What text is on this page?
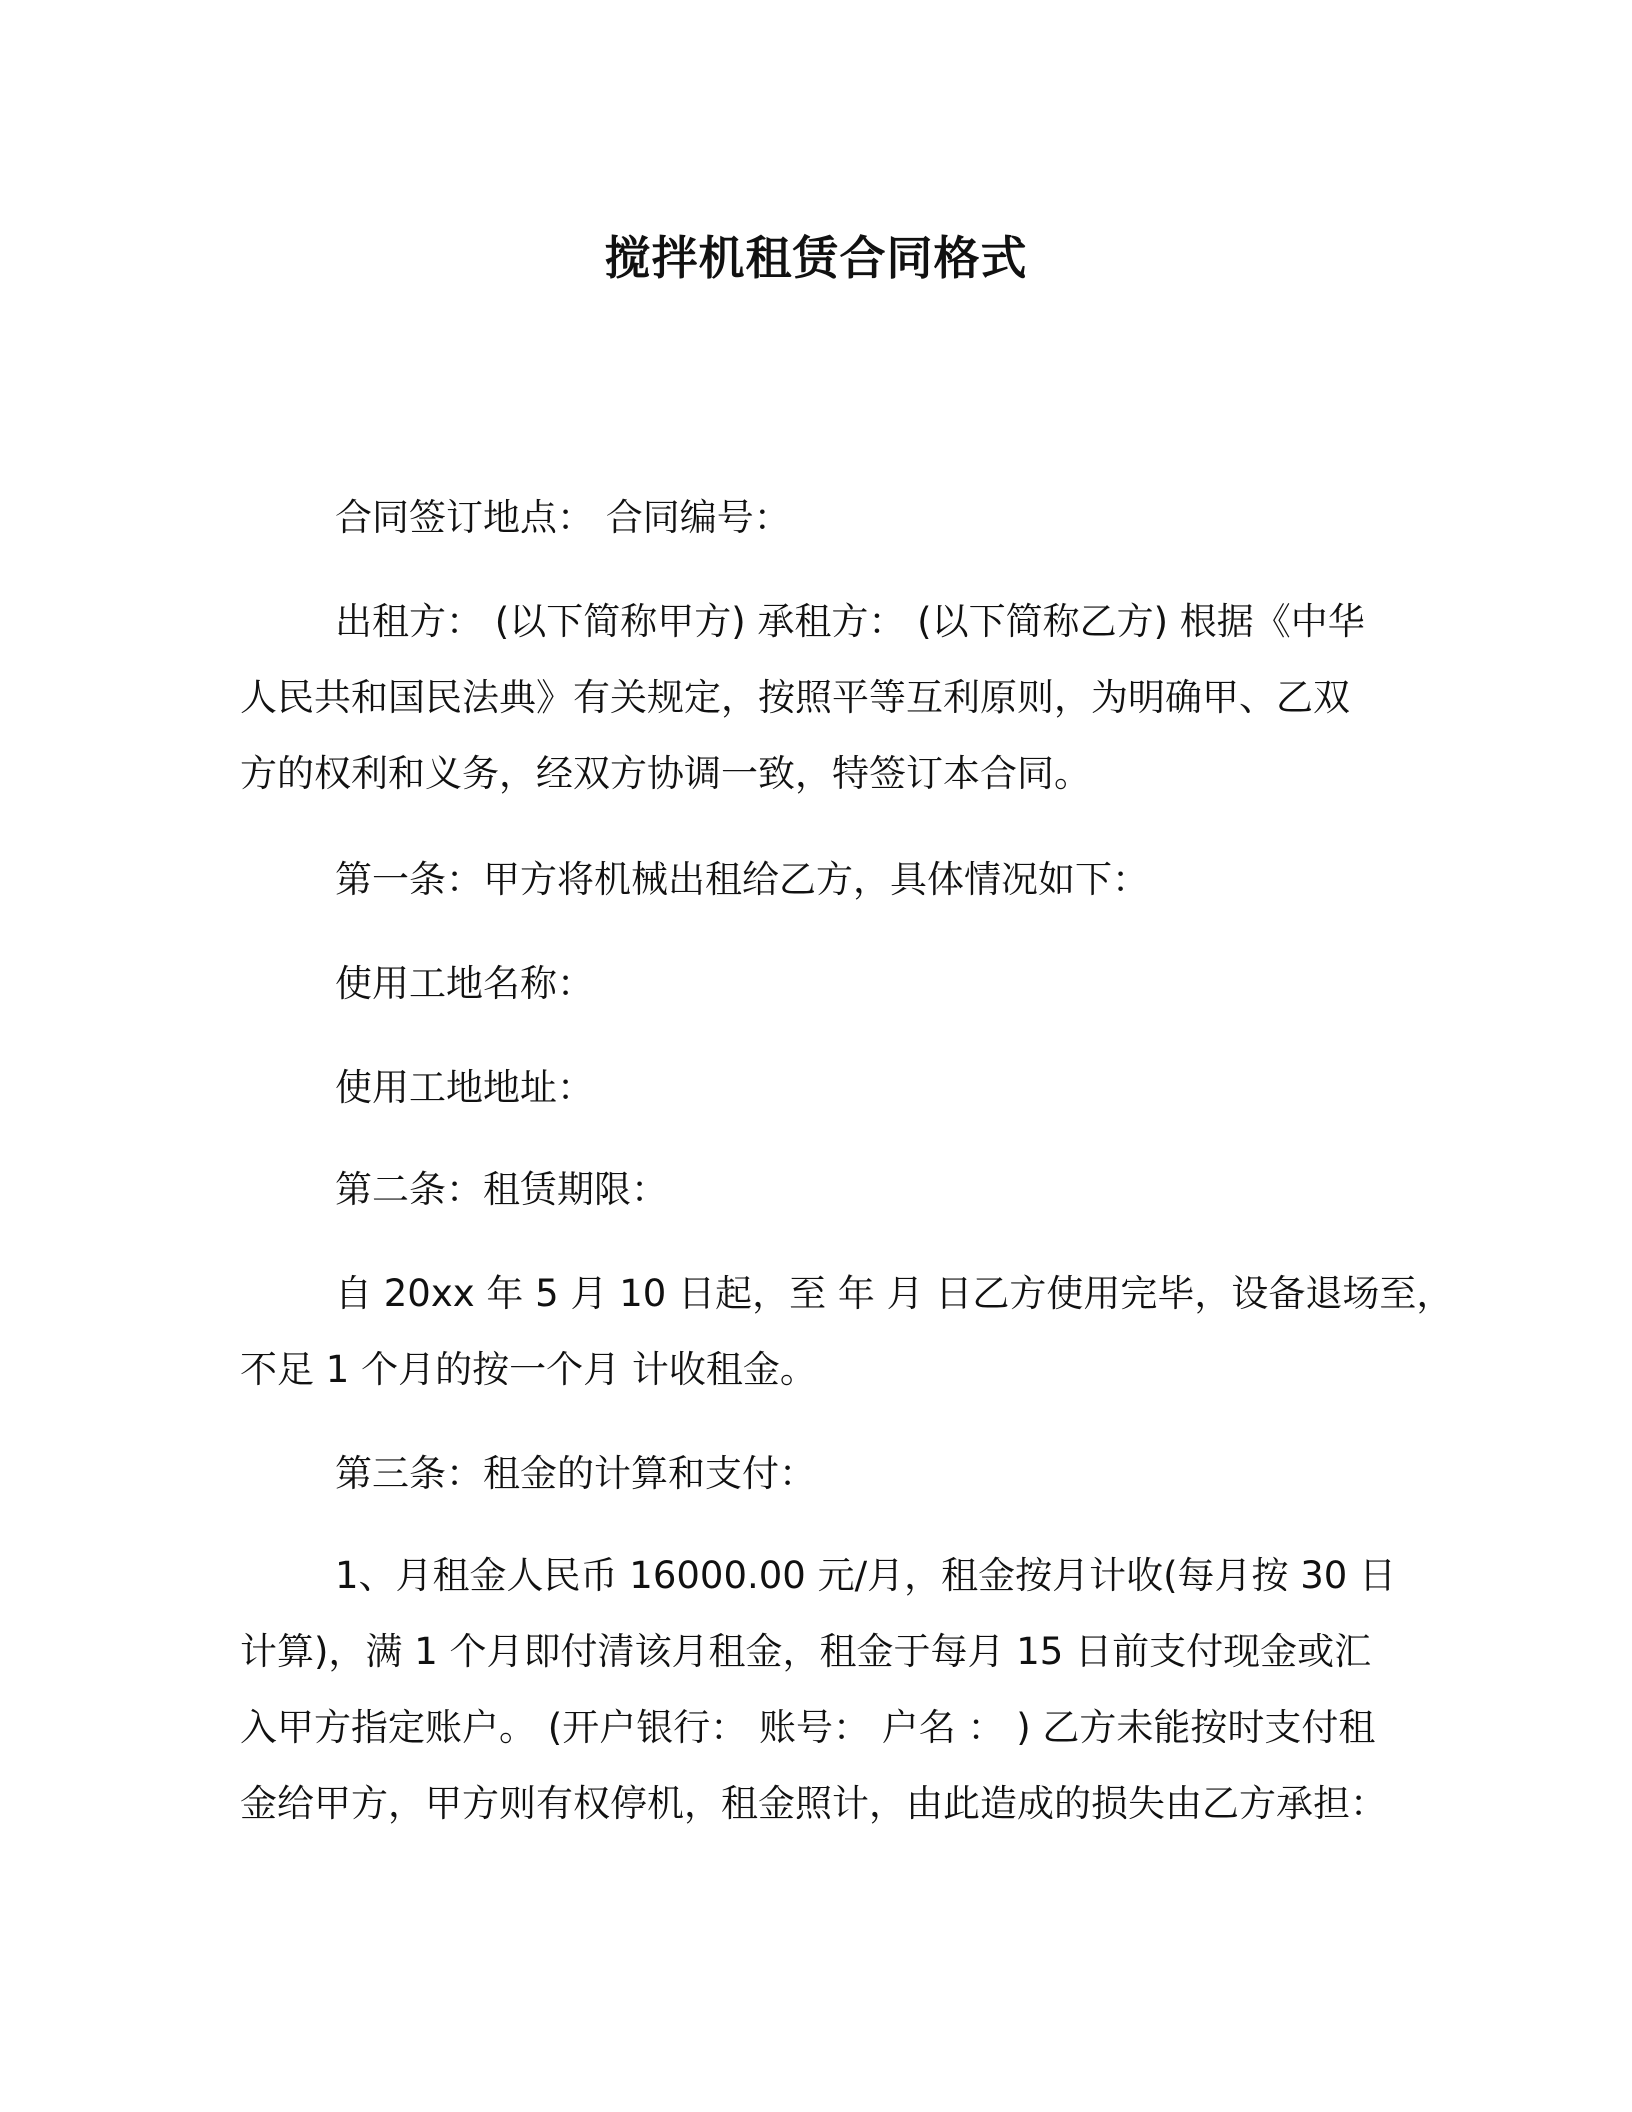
搅拌机租赁合同格式

合同签订地点： 合同编号：

出租方： (以下简称甲方) 承租方： (以下简称乙方) 根据《中华

人民共和国民法典》有关规定，按照平等互利原则，为明确甲、乙双

方的权利和义务，经双方协调一致，特签订本合同。

第一条：甲方将机械出租给乙方，具体情况如下：

使用工地名称：

使用工地地址：

第二条：租赁期限：

自 20xx 年 5 月 10 日起，至 年 月 日乙方使用完毕，设备退场至，

不足 1 个月的按一个月 计收租金。

第三条：租金的计算和支付：

1、月租金人民币 16000.00 元/月，租金按月计收(每月按 30 日

计算)，满 1 个月即付清该月租金，租金于每月 15 日前支付现金或汇

入甲方指定账户。 (开户银行： 账号： 户名 ： ) 乙方未能按时支付租

金给甲方，甲方则有权停机，租金照计，由此造成的损失由乙方承担：
